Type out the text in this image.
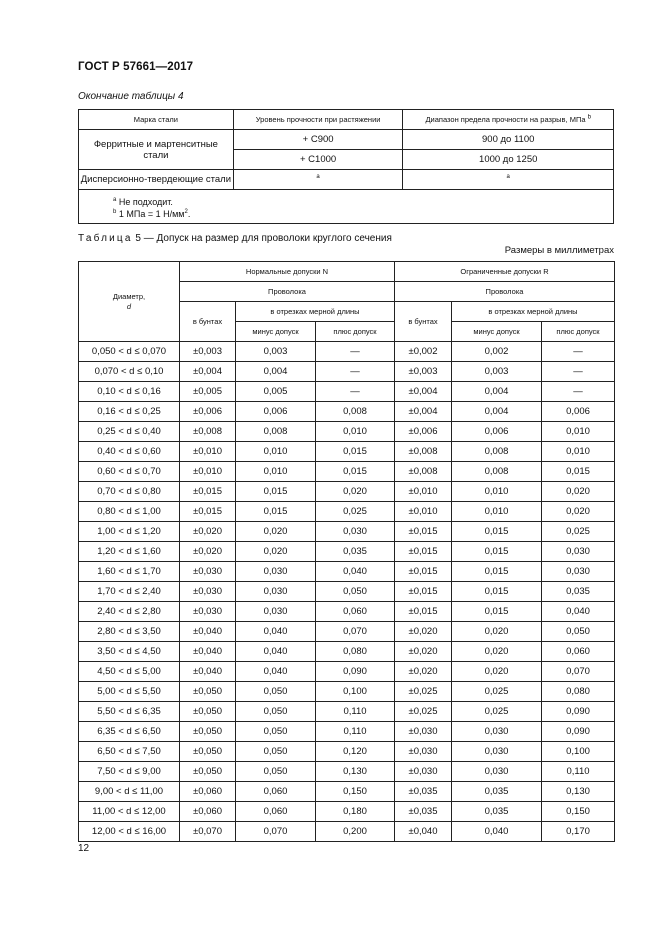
ГОСТ Р 57661—2017
Окончание таблицы 4
Марка стали	Уровень прочности при растяжении	Диапазон предела прочности на разрыв, МПа $^b$

Ферритные и мартенситные
стали	+ C900	900 до 1100
	+ C1000	1000 до 1250
Дисперсионно-твердеющие стали	$^a$	$^a$

$^a$ Не подходит.
$^b$ 1 МПа = 1 $Н/мм^2$.		
Таблица 5 — Допуск на размер для проволоки круглого сечения
Размеры в миллиметрах
Диаметр,
d	Нормальные допуски N			Ограниченные допуски R		
	Проволока			Проволока		
	в бунтах	в отрезках мерной длины		в бунтах	в отрезках мерной длины	
		минус допуск	плюс допуск		минус допуск	плюс допуск
0,050 < d ≤ 0,070	±0,003	0,003	—	±0,002	0,002	—
0,070 < d ≤ 0,10	±0,004	0,004	—	±0,003	0,003	—
0,10 < d ≤ 0,16	±0,005	0,005	—	±0,004	0,004	—
0,16 < d ≤ 0,25	±0,006	0,006	0,008	±0,004	0,004	0,006
0,25 < d ≤ 0,40	±0,008	0,008	0,010	±0,006	0,006	0,010
0,40 < d ≤ 0,60	±0,010	0,010	0,015	±0,008	0,008	0,010
0,60 < d ≤ 0,70	±0,010	0,010	0,015	±0,008	0,008	0,015
0,70 < d ≤ 0,80	±0,015	0,015	0,020	±0,010	0,010	0,020
0,80 < d ≤ 1,00	±0,015	0,015	0,025	±0,010	0,010	0,020
1,00 < d ≤ 1,20	±0,020	0,020	0,030	±0,015	0,015	0,025
1,20 < d ≤ 1,60	±0,020	0,020	0,035	±0,015	0,015	0,030
1,60 < d ≤ 1,70	±0,030	0,030	0,040	±0,015	0,015	0,030
1,70 < d ≤ 2,40	±0,030	0,030	0,050	±0,015	0,015	0,035
2,40 < d ≤ 2,80	±0,030	0,030	0,060	±0,015	0,015	0,040
2,80 < d ≤ 3,50	±0,040	0,040	0,070	±0,020	0,020	0,050
3,50 < d ≤ 4,50	±0,040	0,040	0,080	±0,020	0,020	0,060
4,50 < d ≤ 5,00	±0,040	0,040	0,090	±0,020	0,020	0,070
5,00 < d ≤ 5,50	±0,050	0,050	0,100	±0,025	0,025	0,080
5,50 < d ≤ 6,35	±0,050	0,050	0,110	±0,025	0,025	0,090
6,35 < d ≤ 6,50	±0,050	0,050	0,110	±0,030	0,030	0,090
6,50 < d ≤ 7,50	±0,050	0,050	0,120	±0,030	0,030	0,100
7,50 < d ≤ 9,00	±0,050	0,050	0,130	±0,030	0,030	0,110
9,00 < d ≤ 11,00	±0,060	0,060	0,150	±0,035	0,035	0,130
11,00 < d ≤ 12,00	±0,060	0,060	0,180	±0,035	0,035	0,150
12,00 < d ≤ 16,00	±0,070	0,070	0,200	±0,040	0,040	0,170
12
